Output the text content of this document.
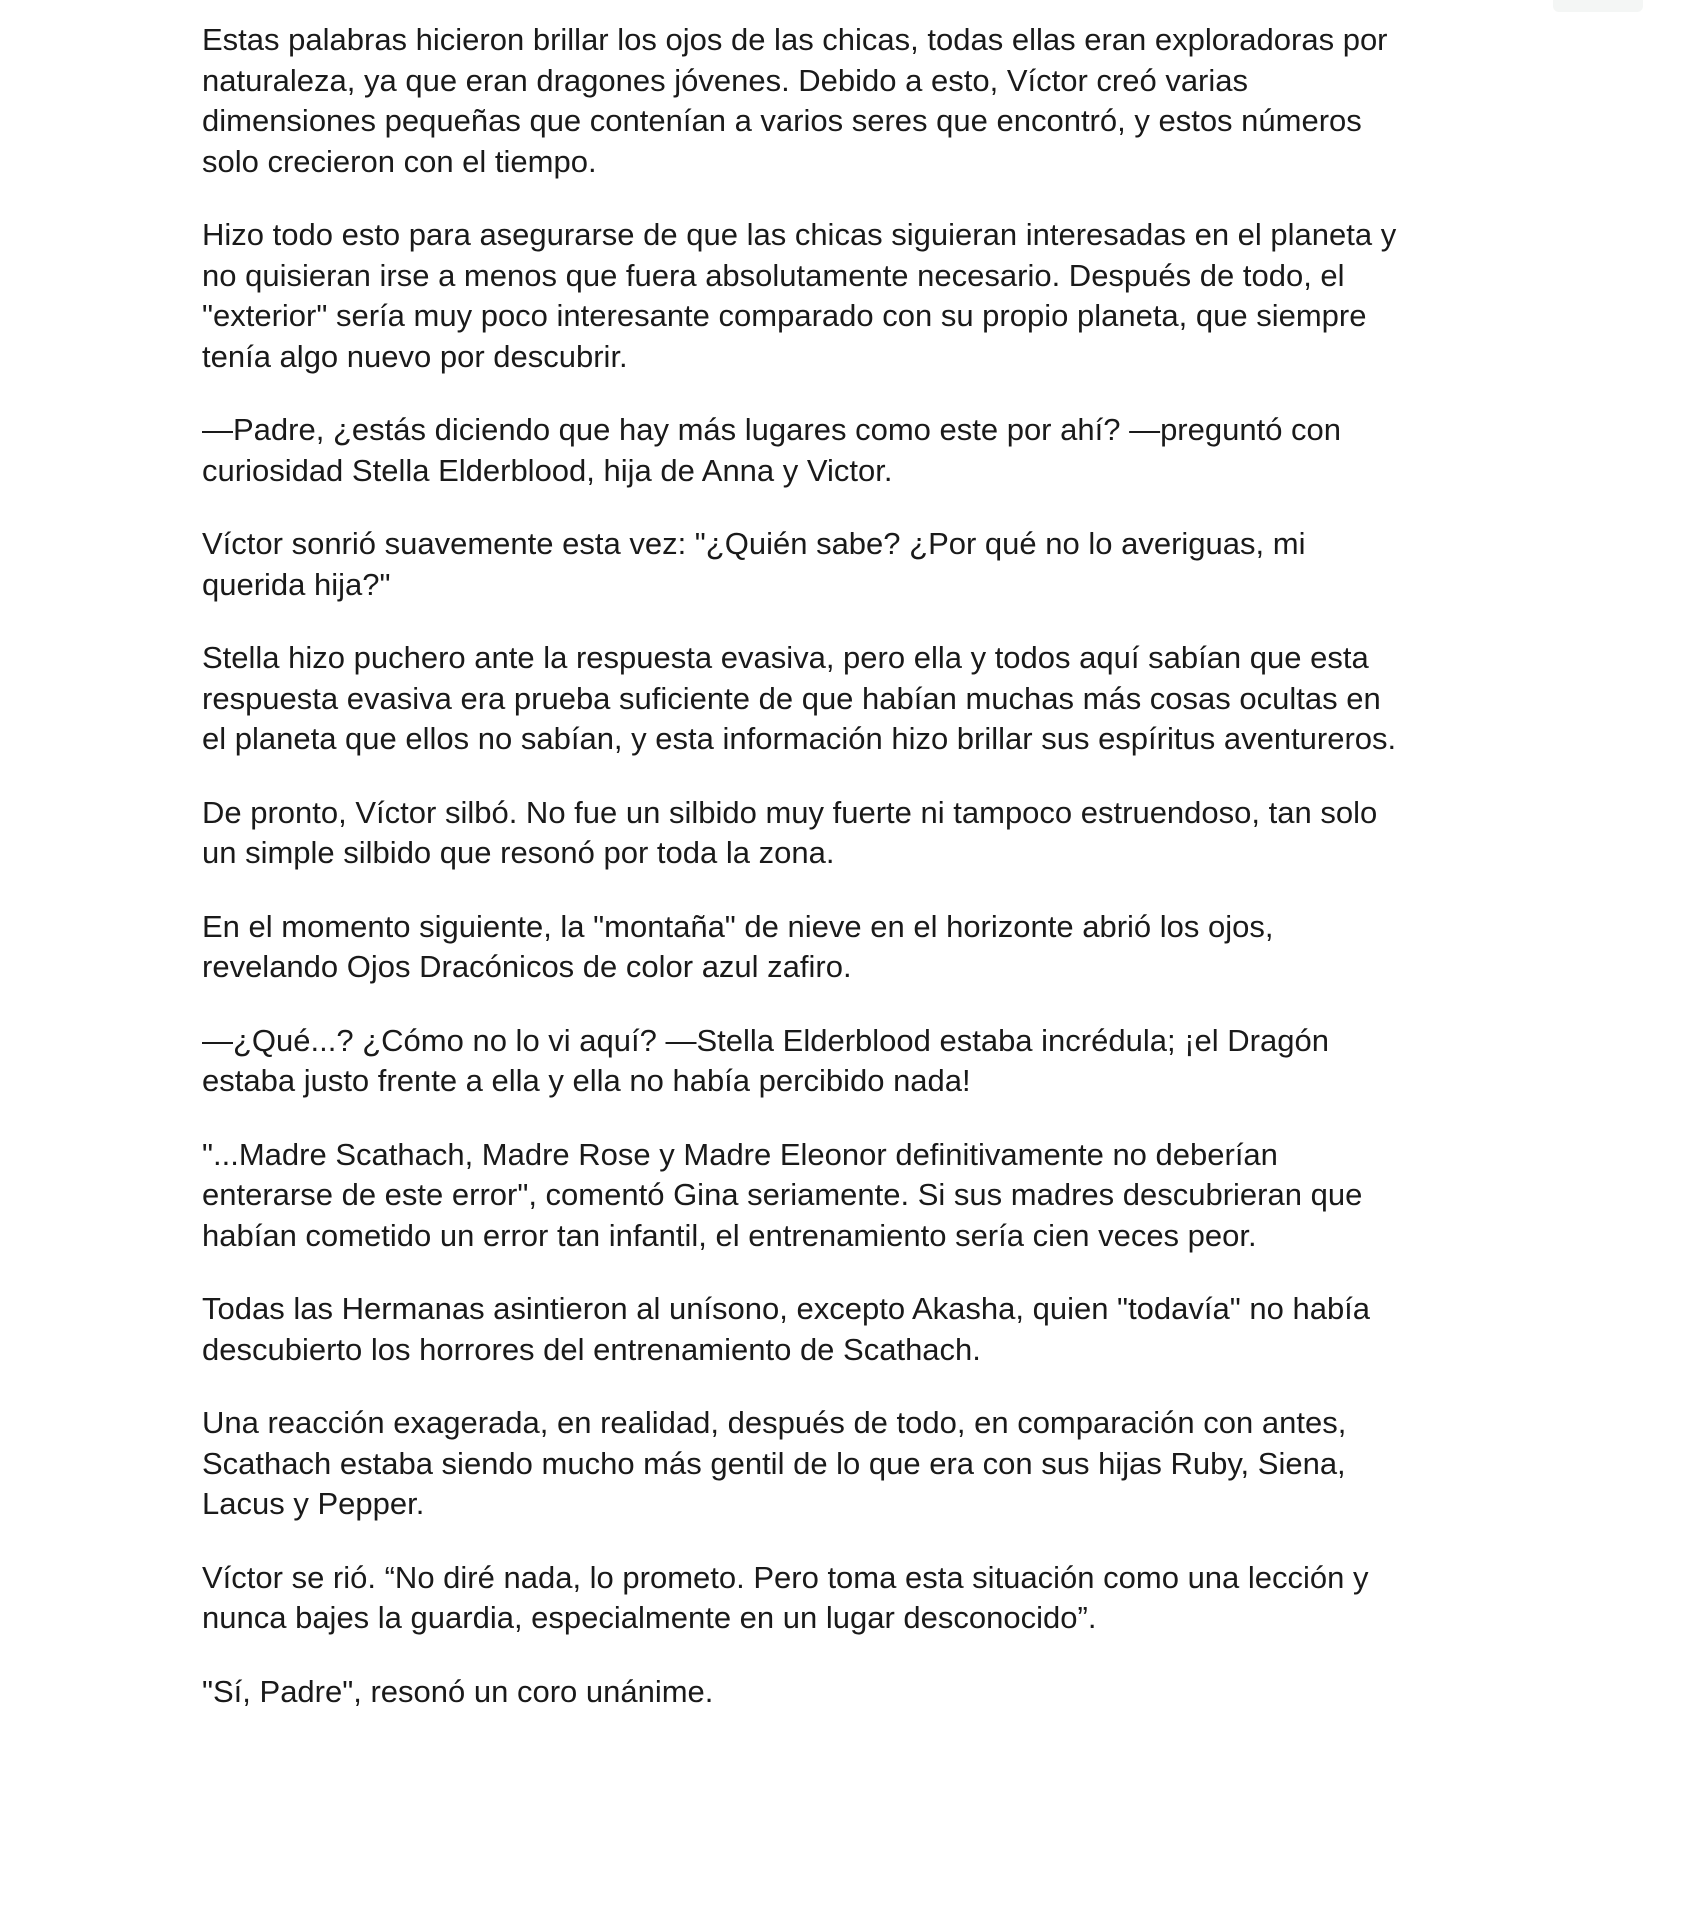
Estas palabras hicieron brillar los ojos de las chicas, todas ellas eran exploradoras por
naturaleza, ya que eran dragones jóvenes. Debido a esto, Víctor creó varias
dimensiones pequeñas que contenían a varios seres que encontró, y estos números
solo crecieron con el tiempo.

Hizo todo esto para asegurarse de que las chicas siguieran interesadas en el planeta y
no quisieran irse a menos que fuera absolutamente necesario. Después de todo, el
"exterior" sería muy poco interesante comparado con su propio planeta, que siempre
tenía algo nuevo por descubrir.

—Padre, ¿estás diciendo que hay más lugares como este por ahí? —preguntó con
curiosidad Stella Elderblood, hija de Anna y Victor.

Víctor sonrió suavemente esta vez: "¿Quién sabe? ¿Por qué no lo averiguas, mi
querida hija?"

Stella hizo puchero ante la respuesta evasiva, pero ella y todos aquí sabían que esta
respuesta evasiva era prueba suficiente de que habían muchas más cosas ocultas en
el planeta que ellos no sabían, y esta información hizo brillar sus espíritus aventureros.

De pronto, Víctor silbó. No fue un silbido muy fuerte ni tampoco estruendoso, tan solo
un simple silbido que resonó por toda la zona.

En el momento siguiente, la "montaña" de nieve en el horizonte abrió los ojos,
revelando Ojos Dracónicos de color azul zafiro.

—¿Qué...? ¿Cómo no lo vi aquí? —Stella Elderblood estaba incrédula; ¡el Dragón
estaba justo frente a ella y ella no había percibido nada!

"...Madre Scathach, Madre Rose y Madre Eleonor definitivamente no deberían
enterarse de este error", comentó Gina seriamente. Si sus madres descubrieran que
habían cometido un error tan infantil, el entrenamiento sería cien veces peor.

Todas las Hermanas asintieron al unísono, excepto Akasha, quien "todavía" no había
descubierto los horrores del entrenamiento de Scathach.

Una reacción exagerada, en realidad, después de todo, en comparación con antes,
Scathach estaba siendo mucho más gentil de lo que era con sus hijas Ruby, Siena,
Lacus y Pepper.

Víctor se rió. “No diré nada, lo prometo. Pero toma esta situación como una lección y
nunca bajes la guardia, especialmente en un lugar desconocido”.

"Sí, Padre", resonó un coro unánime.
